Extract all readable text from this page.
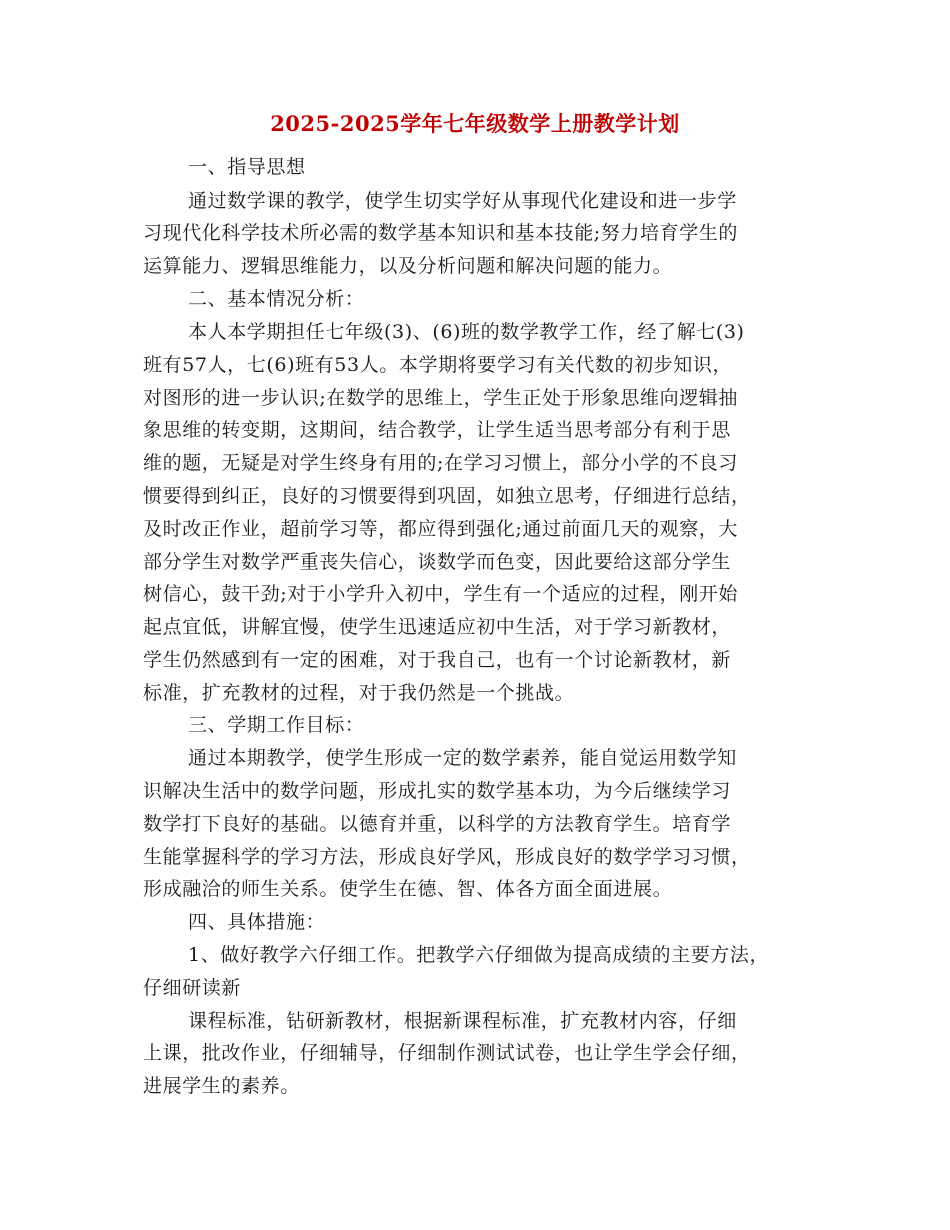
2025-2025学年七年级数学上册教学计划
一、指导思想
通过数学课的教学，使学生切实学好从事现代化建设和进一步学
习现代化科学技术所必需的数学基本知识和基本技能;努力培育学生的
运算能力、逻辑思维能力，以及分析问题和解决问题的能力。
二、基本情况分析：
本人本学期担任七年级(3)、(6)班的数学教学工作，经了解七(3)
班有57人，七(6)班有53人。本学期将要学习有关代数的初步知识，
对图形的进一步认识;在数学的思维上，学生正处于形象思维向逻辑抽
象思维的转变期，这期间，结合教学，让学生适当思考部分有利于思
维的题，无疑是对学生终身有用的;在学习习惯上，部分小学的不良习
惯要得到纠正，良好的习惯要得到巩固，如独立思考，仔细进行总结，
及时改正作业，超前学习等，都应得到强化;通过前面几天的观察，大
部分学生对数学严重丧失信心，谈数学而色变，因此要给这部分学生
树信心，鼓干劲;对于小学升入初中，学生有一个适应的过程，刚开始
起点宜低，讲解宜慢，使学生迅速适应初中生活，对于学习新教材，
学生仍然感到有一定的困难，对于我自己，也有一个讨论新教材，新
标准，扩充教材的过程，对于我仍然是一个挑战。
三、学期工作目标：
通过本期教学，使学生形成一定的数学素养，能自觉运用数学知
识解决生活中的数学问题，形成扎实的数学基本功，为今后继续学习
数学打下良好的基础。以德育并重，以科学的方法教育学生。培育学
生能掌握科学的学习方法，形成良好学风，形成良好的数学学习习惯，
形成融洽的师生关系。使学生在德、智、体各方面全面进展。
四、具体措施：
1、做好教学六仔细工作。把教学六仔细做为提高成绩的主要方法，
仔细研读新
课程标准，钻研新教材，根据新课程标准，扩充教材内容，仔细
上课，批改作业，仔细辅导，仔细制作测试试卷，也让学生学会仔细，
进展学生的素养。
